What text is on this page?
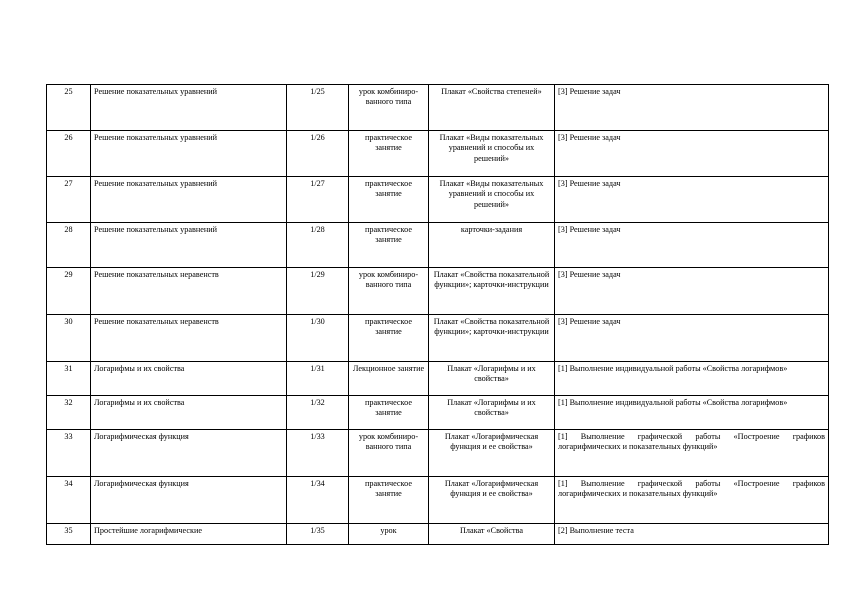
25	Решение показательных уравнений	1/25	урок комбиниро-ванного типа	Плакат «Свойства степеней»	[3] Решение задач
26	Решение показательных уравнений	1/26	практическое занятие	Плакат «Виды показательных уравнений и способы их решений»	[3] Решение задач
27	Решение показательных уравнений	1/27	практическое занятие	Плакат «Виды показательных уравнений и способы их решений»	[3] Решение задач
28	Решение показательных уравнений	1/28	практическое занятие	карточки-задания	[3] Решение задач
29	Решение показательных неравенств	1/29	урок комбиниро-ванного типа	Плакат «Свойства показательной функции»; карточки-инструкции	[3] Решение задач
30	Решение показательных неравенств	1/30	практическое занятие	Плакат «Свойства показательной функции»; карточки-инструкции	[3] Решение задач
31	Логарифмы и их свойства	1/31	Лекционное занятие	Плакат «Логарифмы и их свойства»	[1] Выполнение индивидуальной работы «Свойства логарифмов»
32	Логарифмы и их свойства	1/32	практическое занятие	Плакат «Логарифмы и их свойства»	[1] Выполнение индивидуальной работы «Свойства логарифмов»
33	Логарифмическая функция	1/33	урок комбиниро-ванного типа	Плакат «Логарифмическая функция и ее свойства»	[1] Выполнение графической работы «Построение графиков логарифмических и показательных функций»
34	Логарифмическая функция	1/34	практическое занятие	Плакат «Логарифмическая функция и ее свойства»	[1] Выполнение графической работы «Построение графиков логарифмических и показательных функций»
35	Простейшие логарифмические	1/35	урок	Плакат «Свойства	[2] Выполнение теста
